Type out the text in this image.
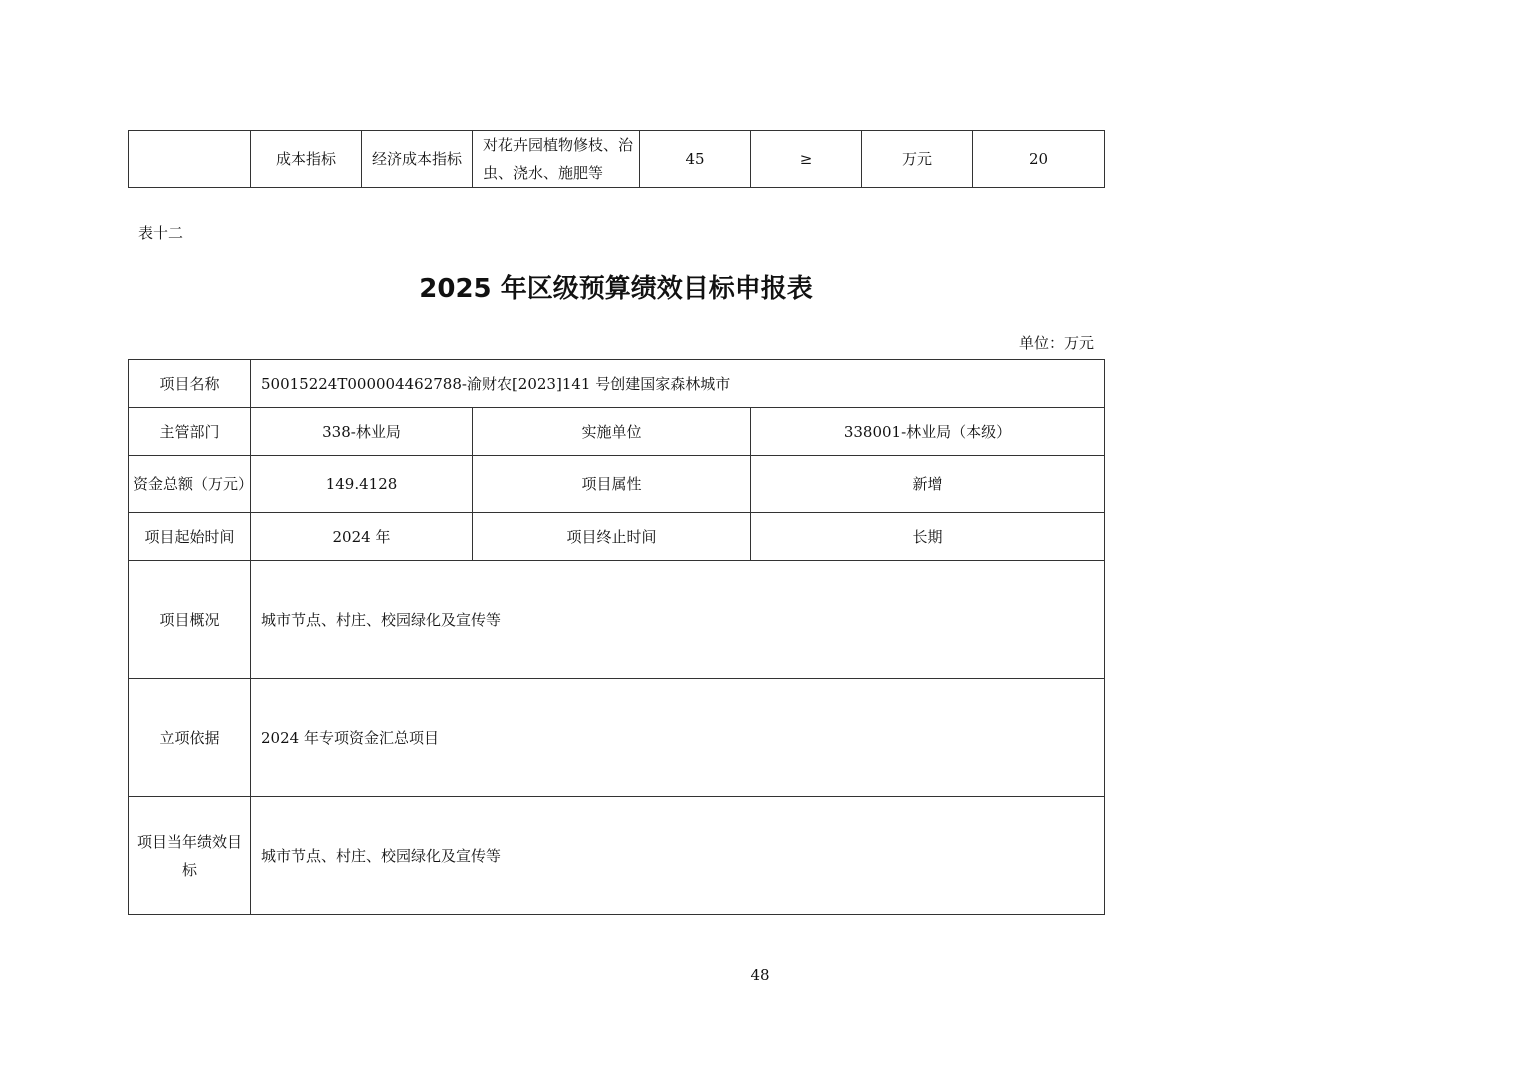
	成本指标	经济成本指标	对花卉园植物修枝、治虫、浇水、施肥等	45	≥	万元	20
表十二
2025 年区级预算绩效目标申报表
单位：万元
项目名称	50015224T000004462788-渝财农[2023]141 号创建国家森林城市		
主管部门	338-林业局	实施单位	338001-林业局（本级）
资金总额（万元）	149.4128	项目属性	新增
项目起始时间	2024 年	项目终止时间	长期
项目概况	城市节点、村庄、校园绿化及宣传等		
立项依据	2024 年专项资金汇总项目		
项目当年绩效目标	城市节点、村庄、校园绿化及宣传等		
48
